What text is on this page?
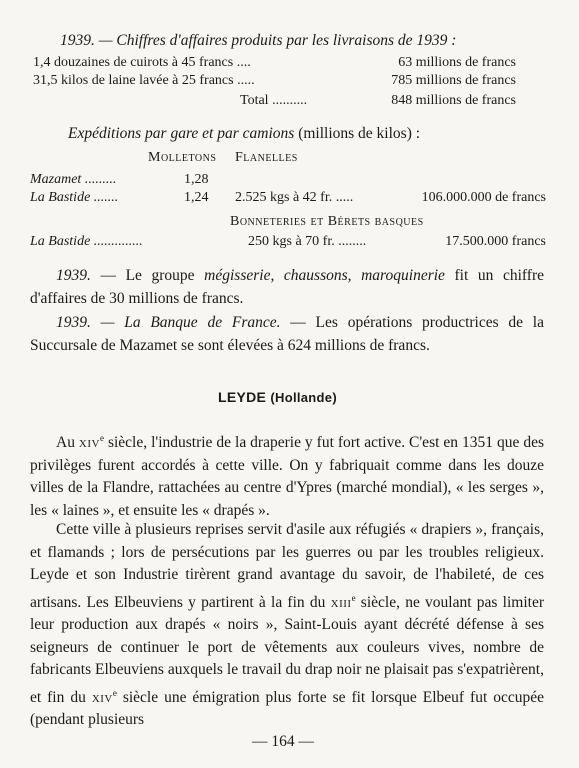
1939. — Chiffres d'affaires produits par les livraisons de 1939 :
1,4 douzaines de cuirots à 45 francs ....	63 millions de francs
31,5 kilos de laine lavée à 25 francs .....	785 millions de francs
Total ..........	848 millions de francs
Expéditions par gare et par camions (millions de kilos) :
Molletons Flanelles
Mazamet .........	1,28
La Bastide .......	1,24 2.525 kgs à 42 fr. .....	106.000.000 de francs
Bonneteries et Bérets basques
La Bastide ..............	250 kgs à 70 fr. ........	17.500.000 francs

1939. — Le groupe mégisserie, chaussons, maroquinerie fit un chiffre d'affaires de 30 millions de francs.

1939. — La Banque de France. — Les opérations productrices de la Succursale de Mazamet se sont élevées à 624 millions de francs.

LEYDE (Hollande)

Au xiv$^e$ siècle, l'industrie de la draperie y fut fort active. C'est en 1351 que des privilèges furent accordés à cette ville. On y fabriquait comme dans les douze villes de la Flandre, rattachées au centre d'Ypres (marché mondial), « les serges », les « laines », et ensuite les « drapés ».

Cette ville à plusieurs reprises servit d'asile aux réfugiés « drapiers », français, et flamands ; lors de persécutions par les guerres ou par les troubles religieux. Leyde et son Industrie tirèrent grand avantage du savoir, de l'habileté, de ces artisans. Les Elbeuviens y partirent à la fin du xiii$^e$ siècle, ne voulant pas limiter leur production aux drapés « noirs », Saint-Louis ayant décrété défense à ses seigneurs de continuer le port de vêtements aux couleurs vives, nombre de fabricants Elbeuviens auxquels le travail du drap noir ne plaisait pas s'expatrièrent, et fin du xiv$^e$ siècle une émigration plus forte se fit lorsque Elbeuf fut occupée (pendant plusieurs

— 164 —
